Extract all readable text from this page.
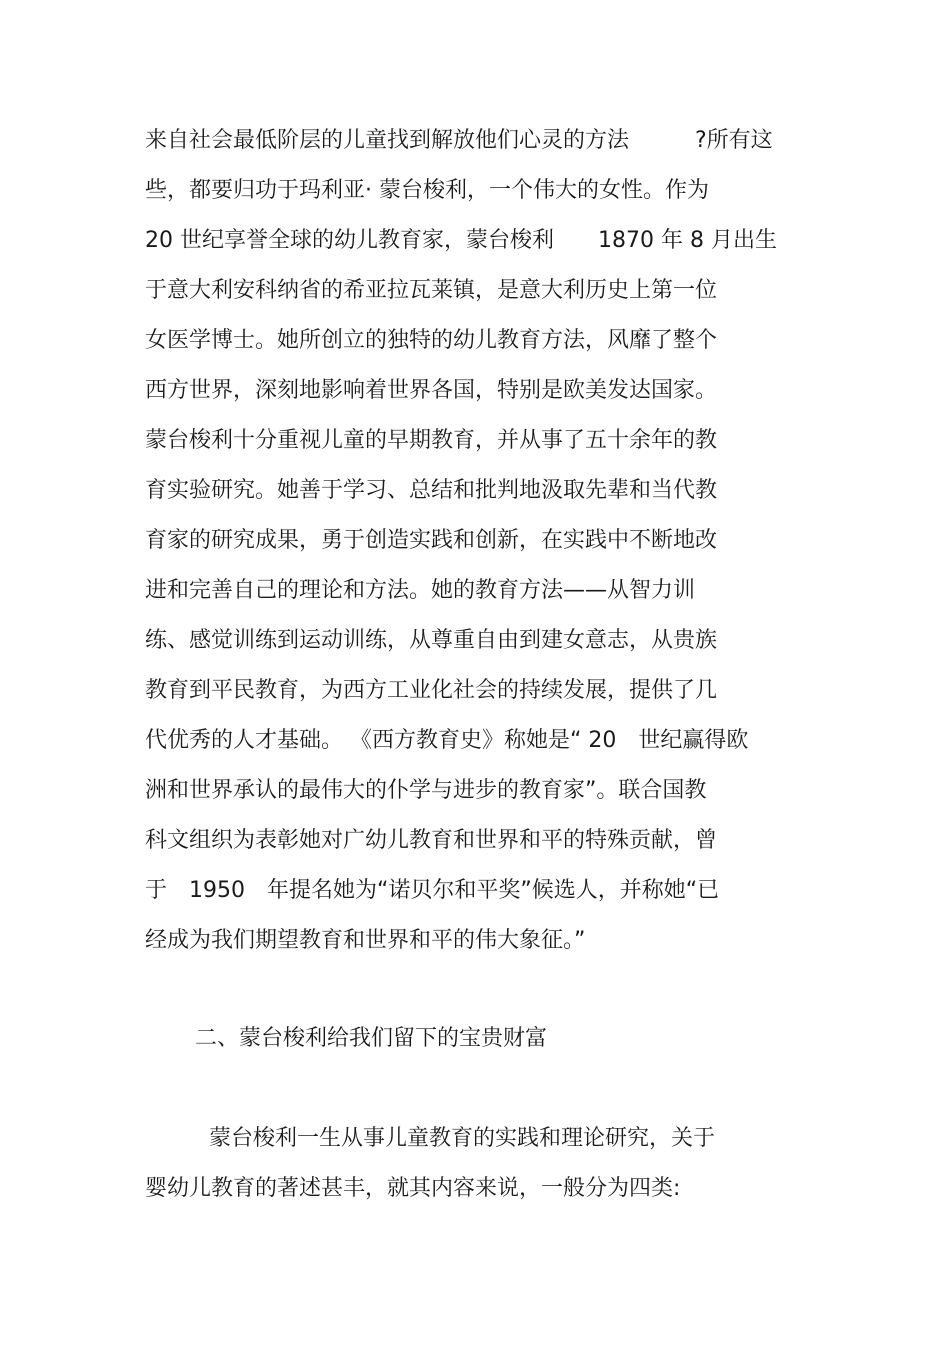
来自社会最低阶层的儿童找到解放他们心灵的方法　　　?所有这

些，都要归功于玛利亚· 蒙台梭利，一个伟大的女性。作为

20 世纪享誉全球的幼儿教育家，蒙台梭利　　1870 年 8 月出生

于意大利安科纳省的希亚拉瓦莱镇，是意大利历史上第一位

女医学博士。她所创立的独特的幼儿教育方法，风靡了整个

西方世界，深刻地影响着世界各国，特别是欧美发达国家。

蒙台梭利十分重视儿童的早期教育，并从事了五十余年的教

育实验研究。她善于学习、总结和批判地汲取先辈和当代教

育家的研究成果，勇于创造实践和创新，在实践中不断地改

进和完善自己的理论和方法。她的教育方法——从智力训

练、感觉训练到运动训练，从尊重自由到建女意志，从贵族

教育到平民教育，为西方工业化社会的持续发展，提供了几

代优秀的人才基础。 《西方教育史》称她是“ 20　世纪赢得欧

洲和世界承认的最伟大的仆学与进步的教育家”。联合国教

科文组织为表彰她对广幼儿教育和世界和平的特殊贡献，曾

于　1950　年提名她为“诺贝尔和平奖”候选人，并称她“已

经成为我们期望教育和世界和平的伟大象征。”

二、蒙台梭利给我们留下的宝贵财富

蒙台梭利一生从事儿童教育的实践和理论研究，关于

婴幼儿教育的著述甚丰，就其内容来说，一般分为四类:
